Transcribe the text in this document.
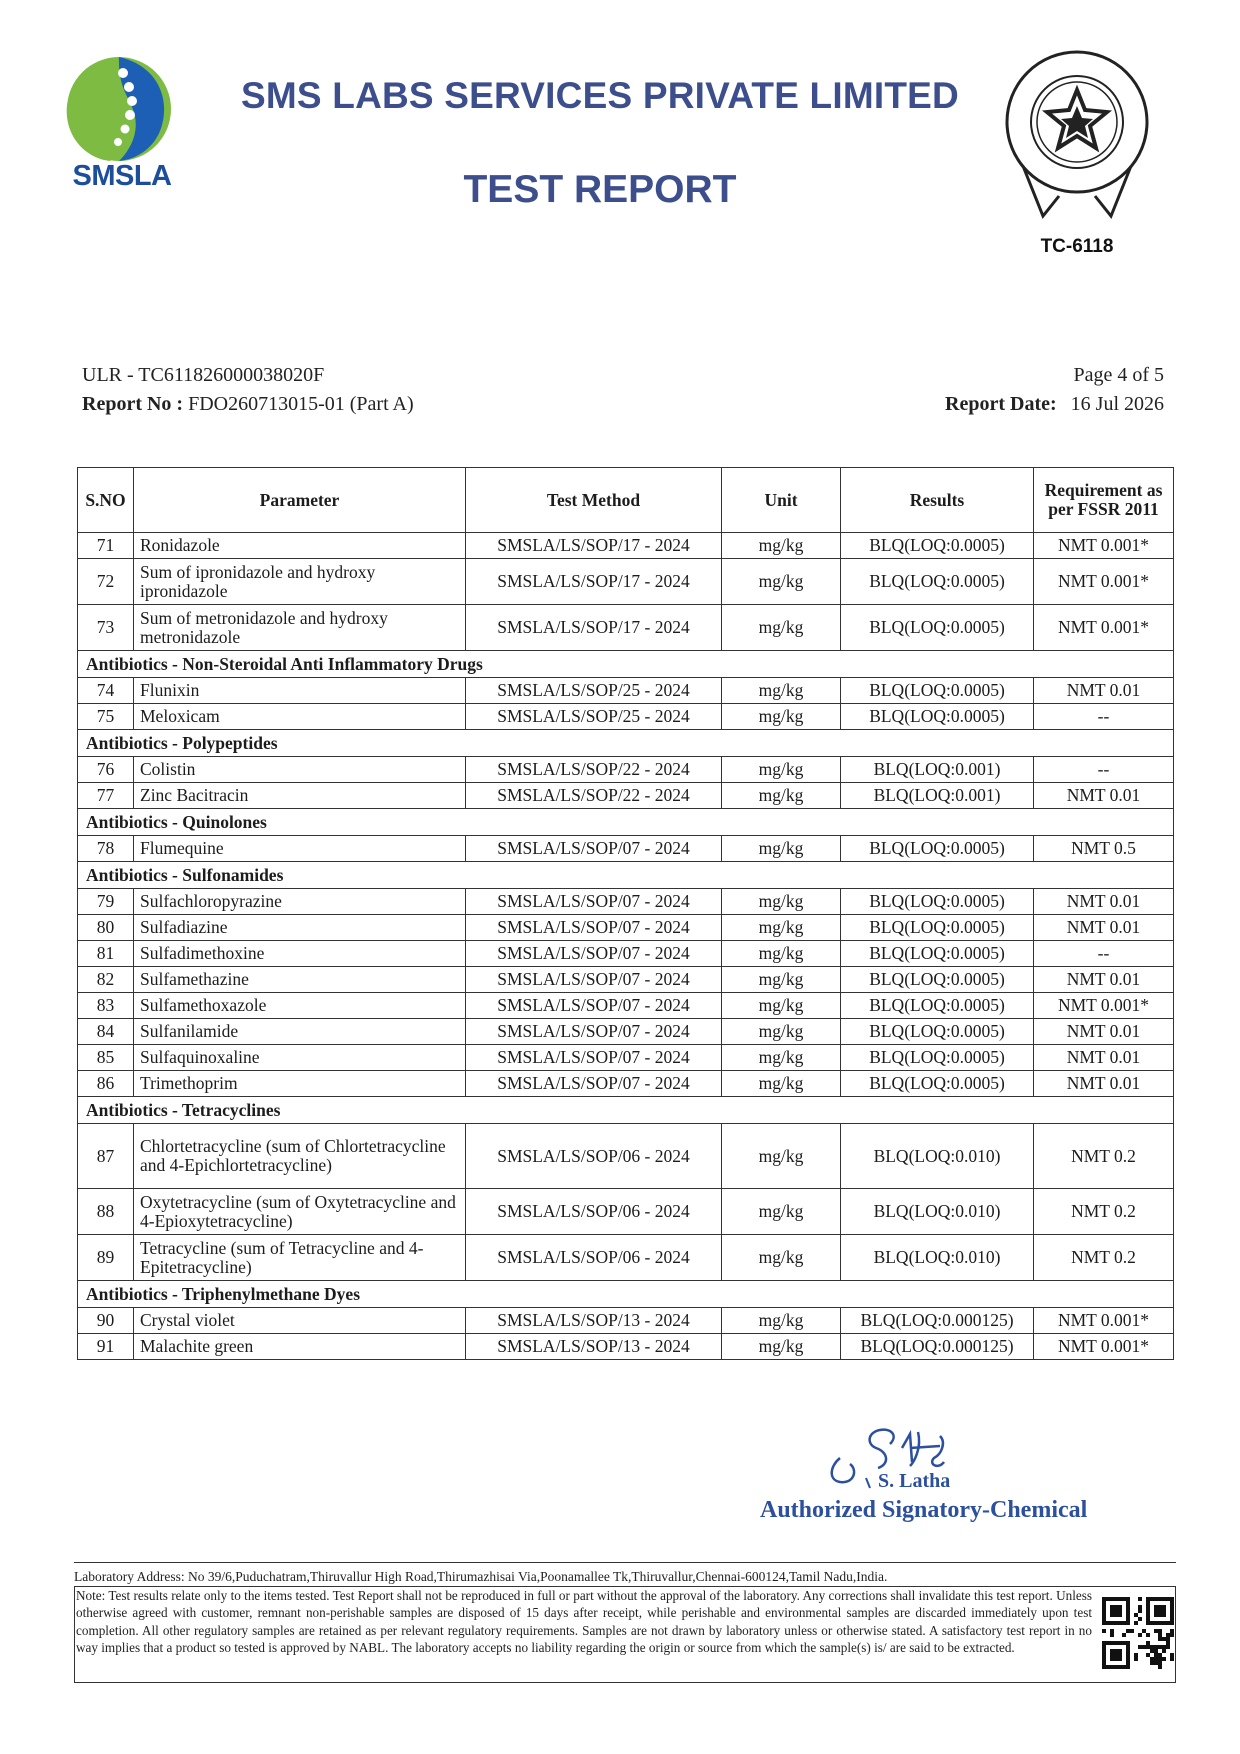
SMSLA
SMS LABS SERVICES PRIVATE LIMITED
TEST REPORT
TC-6118
ULR - TC611826000038020F
Report No : FDO260713015-01 (Part A)
Page 4 of 5
Report Date: 16 Jul 2026
S.NO	Parameter	Test Method	Unit	Results	Requirement as per FSSR 2011
71	Ronidazole	SMSLA/LS/SOP/17 - 2024	mg/kg	BLQ(LOQ:0.0005)	NMT 0.001*
72	Sum of ipronidazole and hydroxy ipronidazole	SMSLA/LS/SOP/17 - 2024	mg/kg	BLQ(LOQ:0.0005)	NMT 0.001*
73	Sum of metronidazole and hydroxy metronidazole	SMSLA/LS/SOP/17 - 2024	mg/kg	BLQ(LOQ:0.0005)	NMT 0.001*
Antibiotics - Non-Steroidal Anti Inflammatory Drugs					
74	Flunixin	SMSLA/LS/SOP/25 - 2024	mg/kg	BLQ(LOQ:0.0005)	NMT 0.01
75	Meloxicam	SMSLA/LS/SOP/25 - 2024	mg/kg	BLQ(LOQ:0.0005)	--
Antibiotics - Polypeptides					
76	Colistin	SMSLA/LS/SOP/22 - 2024	mg/kg	BLQ(LOQ:0.001)	--
77	Zinc Bacitracin	SMSLA/LS/SOP/22 - 2024	mg/kg	BLQ(LOQ:0.001)	NMT 0.01
Antibiotics - Quinolones					
78	Flumequine	SMSLA/LS/SOP/07 - 2024	mg/kg	BLQ(LOQ:0.0005)	NMT 0.5
Antibiotics - Sulfonamides					
79	Sulfachloropyrazine	SMSLA/LS/SOP/07 - 2024	mg/kg	BLQ(LOQ:0.0005)	NMT 0.01
80	Sulfadiazine	SMSLA/LS/SOP/07 - 2024	mg/kg	BLQ(LOQ:0.0005)	NMT 0.01
81	Sulfadimethoxine	SMSLA/LS/SOP/07 - 2024	mg/kg	BLQ(LOQ:0.0005)	--
82	Sulfamethazine	SMSLA/LS/SOP/07 - 2024	mg/kg	BLQ(LOQ:0.0005)	NMT 0.01
83	Sulfamethoxazole	SMSLA/LS/SOP/07 - 2024	mg/kg	BLQ(LOQ:0.0005)	NMT 0.001*
84	Sulfanilamide	SMSLA/LS/SOP/07 - 2024	mg/kg	BLQ(LOQ:0.0005)	NMT 0.01
85	Sulfaquinoxaline	SMSLA/LS/SOP/07 - 2024	mg/kg	BLQ(LOQ:0.0005)	NMT 0.01
86	Trimethoprim	SMSLA/LS/SOP/07 - 2024	mg/kg	BLQ(LOQ:0.0005)	NMT 0.01
Antibiotics - Tetracyclines					
87	Chlortetracycline (sum of Chlortetracycline and 4-Epichlortetracycline)	SMSLA/LS/SOP/06 - 2024	mg/kg	BLQ(LOQ:0.010)	NMT 0.2
88	Oxytetracycline (sum of Oxytetracycline and 4-Epioxytetracycline)	SMSLA/LS/SOP/06 - 2024	mg/kg	BLQ(LOQ:0.010)	NMT 0.2
89	Tetracycline (sum of Tetracycline and 4-Epitetracycline)	SMSLA/LS/SOP/06 - 2024	mg/kg	BLQ(LOQ:0.010)	NMT 0.2
Antibiotics - Triphenylmethane Dyes					
90	Crystal violet	SMSLA/LS/SOP/13 - 2024	mg/kg	BLQ(LOQ:0.000125)	NMT 0.001*
91	Malachite green	SMSLA/LS/SOP/13 - 2024	mg/kg	BLQ(LOQ:0.000125)	NMT 0.001*
S. Latha
Authorized Signatory-Chemical
Laboratory Address: No 39/6,Puduchatram,Thiruvallur High Road,Thirumazhisai Via,Poonamallee Tk,Thiruvallur,Chennai-600124,Tamil Nadu,India.
Note: Test results relate only to the items tested. Test Report shall not be reproduced in full or part without the approval of the laboratory. Any corrections shall invalidate this test report. Unless otherwise agreed with customer, remnant non-perishable samples are disposed of 15 days after receipt, while perishable and environmental samples are discarded immediately upon test completion. All other regulatory samples are retained as per relevant regulatory requirements. Samples are not drawn by laboratory unless or otherwise stated. A satisfactory test report in no way implies that a product so tested is approved by NABL. The laboratory accepts no liability regarding the origin or source from which the sample(s) is/ are said to be extracted.
